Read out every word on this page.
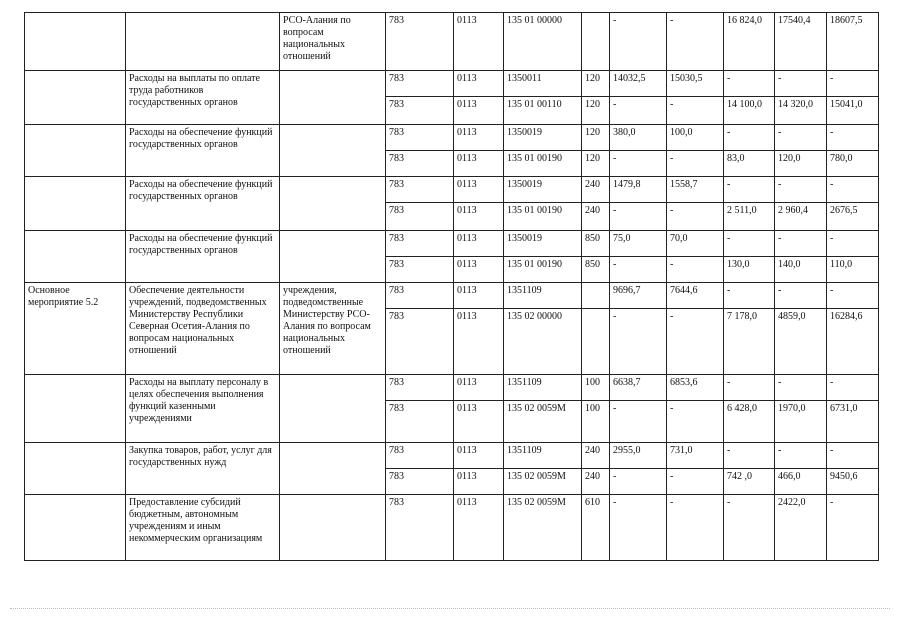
		РСО-Алания по вопросам национальных отношений	783	0113	135 01 00000		-	-	16 824,0	17540,4	18607,5
	Расходы на выплаты по оплате труда работников государственных органов		783	0113	1350011	120	14032,5	15030,5	-	-	-
			783	0113	135 01 00110	120	-	-	14 100,0	14 320,0	15041,0
	Расходы на обеспечение функций государственных органов		783	0113	1350019	120	380,0	100,0	-	-	-
			783	0113	135 01 00190	120	-	-	83,0	120,0	780,0
	Расходы на обеспечение функций государственных органов		783	0113	1350019	240	1479,8	1558,7	-	-	-
			783	0113	135 01 00190	240	-	-	2 511,0	2 960,4	2676,5
	Расходы на обеспечение функций государственных органов		783	0113	1350019	850	75,0	70,0	-	-	-
			783	0113	135 01 00190	850	-	-	130,0	140,0	110,0
Основное мероприятие 5.2	Обеспечение деятельности учреждений, подведомственных Министерству Республики Северная Осетия-Алания по вопросам национальных отношений	учреждения, подведомственные Министерству РСО-Алания по вопросам национальных отношений	783	0113	1351109		9696,7	7644,6	-	-	-
			783	0113	135 02 00000		-	-	7 178,0	4859,0	16284,6
	Расходы на выплату персоналу в целях обеспечения выполнения функций казенными учреждениями		783	0113	1351109	100	6638,7	6853,6	-	-	-
			783	0113	135 02 0059М	100	-	-	6 428,0	1970,0	6731,0
	Закупка товаров, работ, услуг для государственных нужд		783	0113	1351109	240	2955,0	731,0	-	-	-
			783	0113	135 02 0059М	240	-	-	742 ,0	466,0	9450,6
	Предоставление субсидий бюджетным, автономным учреждениям и иным некоммерческим организациям		783	0113	135 02 0059М	610	-	-	-	2422,0	-
